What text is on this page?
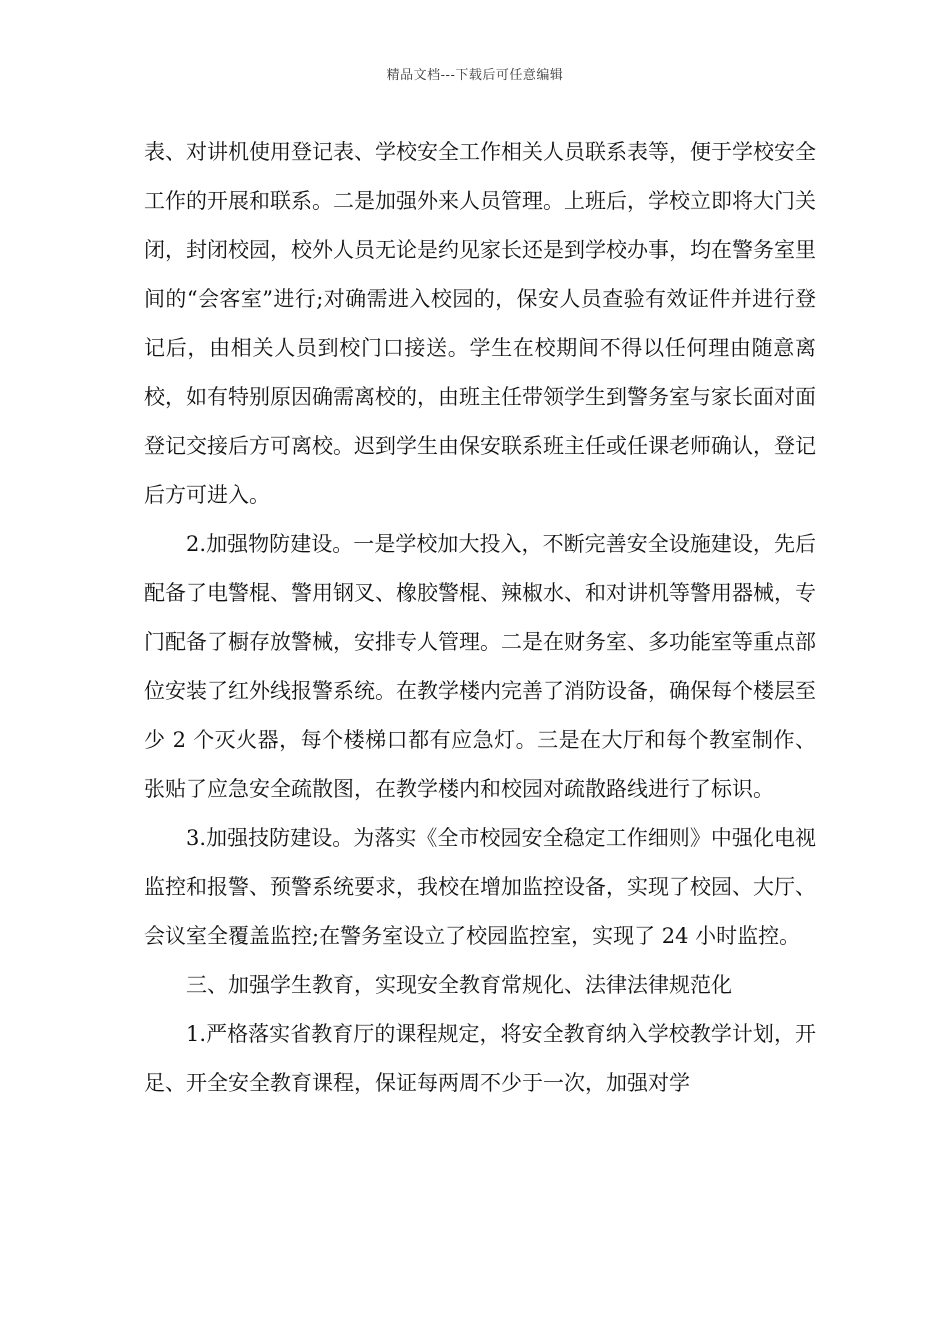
精品文档---下载后可任意编辑

表、对讲机使用登记表、学校安全工作相关人员联系表等，便于学校安全工作的开展和联系。二是加强外来人员管理。上班后，学校立即将大门关闭，封闭校园，校外人员无论是约见家长还是到学校办事，均在警务室里间的“会客室”进行;对确需进入校园的，保安人员查验有效证件并进行登记后，由相关人员到校门口接送。学生在校期间不得以任何理由随意离校，如有特别原因确需离校的，由班主任带领学生到警务室与家长面对面登记交接后方可离校。迟到学生由保安联系班主任或任课老师确认，登记后方可进入。

2.加强物防建设。一是学校加大投入，不断完善安全设施建设，先后配备了电警棍、警用钢叉、橡胶警棍、辣椒水、和对讲机等警用器械，专门配备了橱存放警械，安排专人管理。二是在财务室、多功能室等重点部位安装了红外线报警系统。在教学楼内完善了消防设备，确保每个楼层至少 2 个灭火器，每个楼梯口都有应急灯。三是在大厅和每个教室制作、张贴了应急安全疏散图，在教学楼内和校园对疏散路线进行了标识。

3.加强技防建设。为落实《全市校园安全稳定工作细则》中强化电视监控和报警、预警系统要求，我校在增加监控设备，实现了校园、大厅、会议室全覆盖监控;在警务室设立了校园监控室，实现了 24 小时监控。

三、加强学生教育，实现安全教育常规化、法律法律规范化

1.严格落实省教育厅的课程规定，将安全教育纳入学校教学计划，开足、开全安全教育课程，保证每两周不少于一次，加强对学
